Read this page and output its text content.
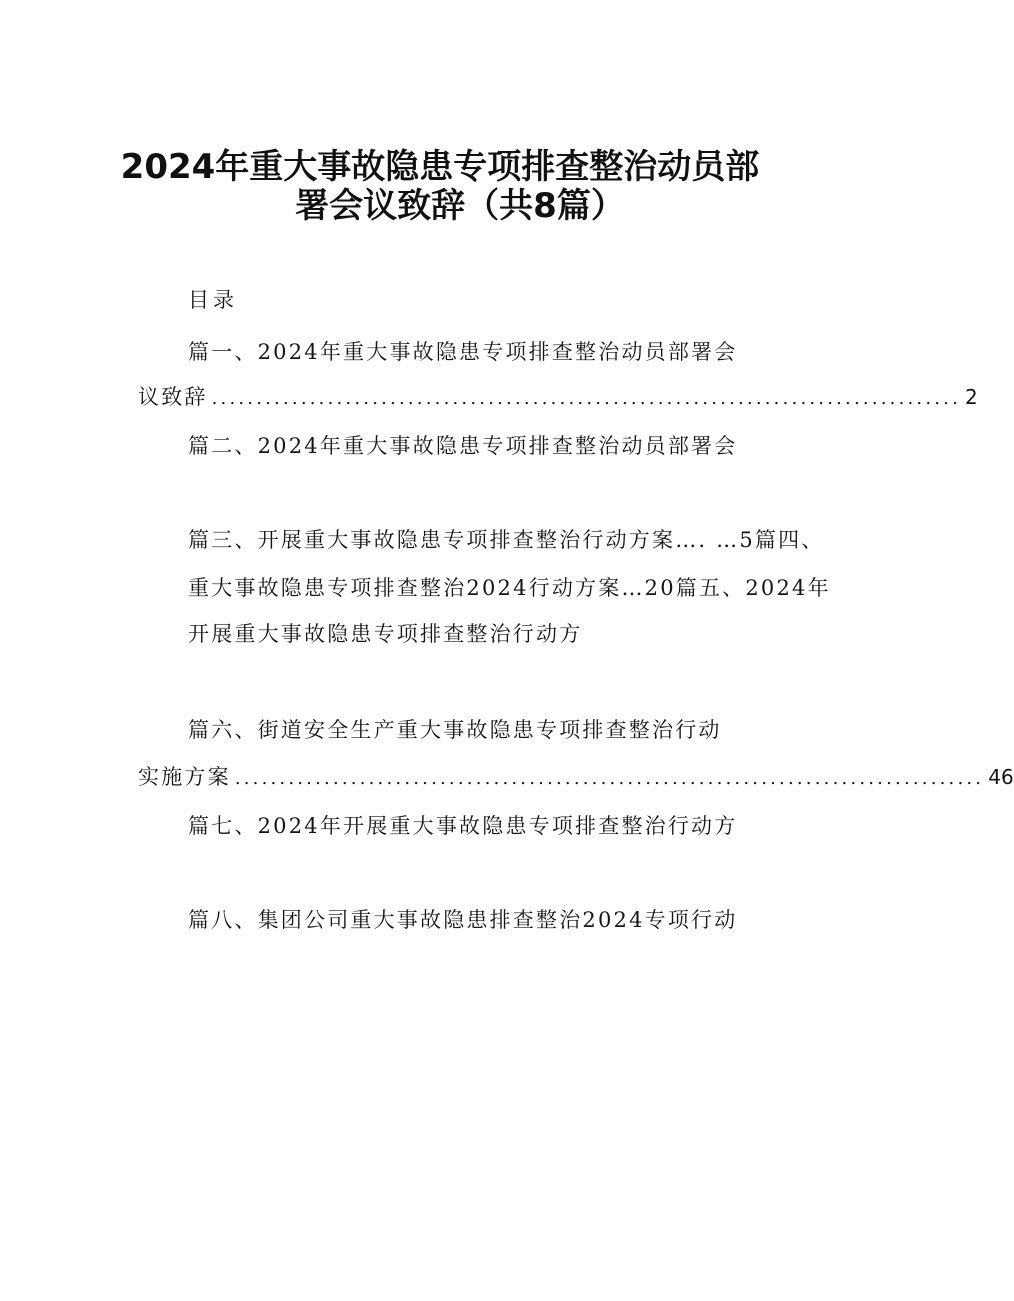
2024年重大事故隐患专项排查整治动员部
署会议致辞（共8篇）
目录
篇一、2024年重大事故隐患专项排查整治动员部署会
议致辞 .................................................................................... 2
篇二、2024年重大事故隐患专项排查整治动员部署会
篇三、开展重大事故隐患专项排查整治行动方案…. …5篇四、
重大事故隐患专项排查整治2024行动方案…20篇五、2024年
开展重大事故隐患专项排查整治行动方
篇六、街道安全生产重大事故隐患专项排查整治行动
实施方案 .................................................................................... 46
篇七、2024年开展重大事故隐患专项排查整治行动方
篇八、集团公司重大事故隐患排查整治2024专项行动
